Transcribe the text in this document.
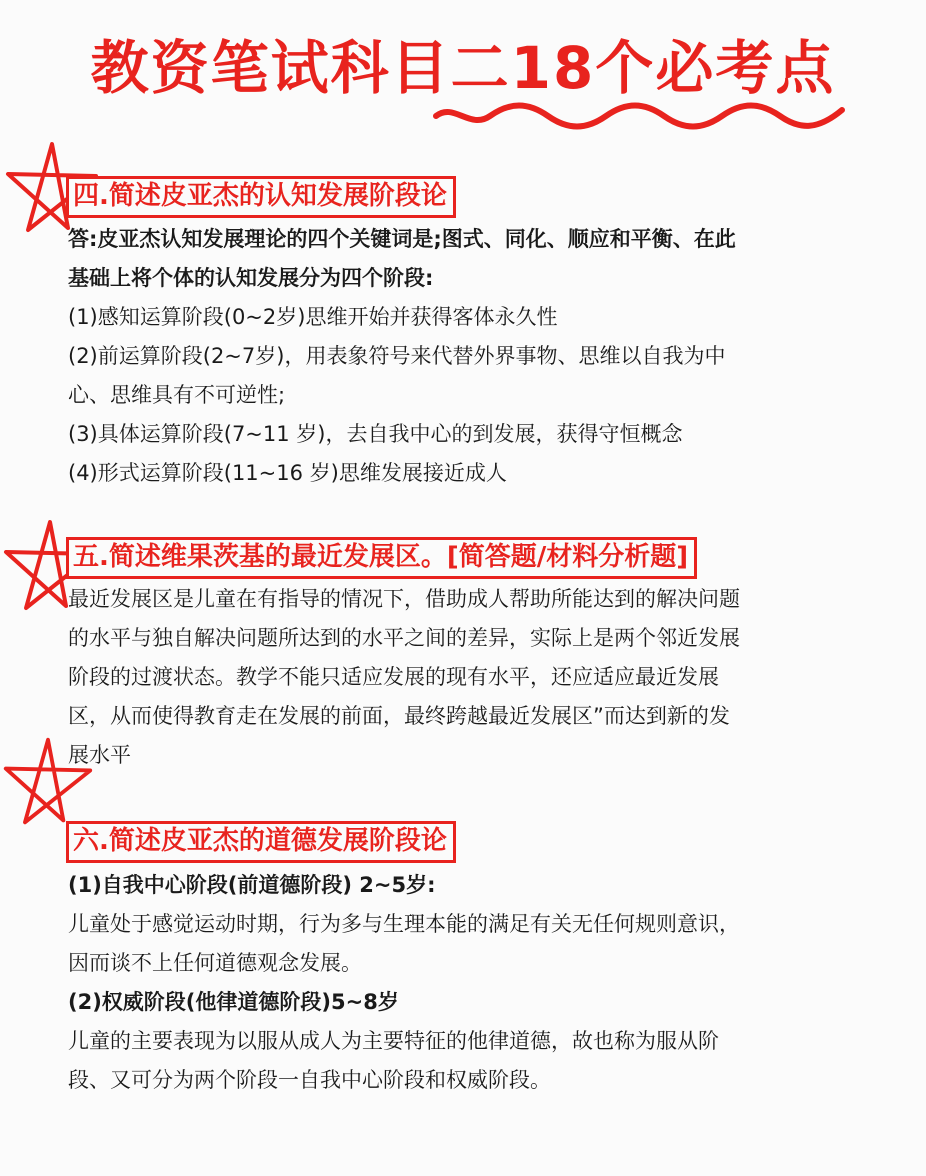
教资笔试科目二18个必考点
四.简述皮亚杰的认知发展阶段论

答:皮亚杰认知发展理论的四个关键词是;图式、同化、顺应和平衡、在此

基础上将个体的认知发展分为四个阶段:

(1)感知运算阶段(0~2岁)思维开始并获得客体永久性

(2)前运算阶段(2~7岁)，用表象符号来代替外界事物、思维以自我为中

心、思维具有不可逆性;

(3)具体运算阶段(7~11 岁)，去自我中心的到发展，获得守恒概念

(4)形式运算阶段(11~16 岁)思维发展接近成人

五.简述维果茨基的最近发展区。[简答题/材料分析题]

最近发展区是儿童在有指导的情况下，借助成人帮助所能达到的解决问题

的水平与独自解决问题所达到的水平之间的差异，实际上是两个邻近发展

阶段的过渡状态。教学不能只适应发展的现有水平，还应适应最近发展

区，从而使得教育走在发展的前面，最终跨越最近发展区”而达到新的发

展水平

六.简述皮亚杰的道德发展阶段论

(1)自我中心阶段(前道德阶段) 2~5岁:

儿童处于感觉运动时期，行为多与生理本能的满足有关无任何规则意识，

因而谈不上任何道德观念发展。

(2)权威阶段(他律道德阶段)5~8岁

儿童的主要表现为以服从成人为主要特征的他律道德，故也称为服从阶

段、又可分为两个阶段一自我中心阶段和权威阶段。
